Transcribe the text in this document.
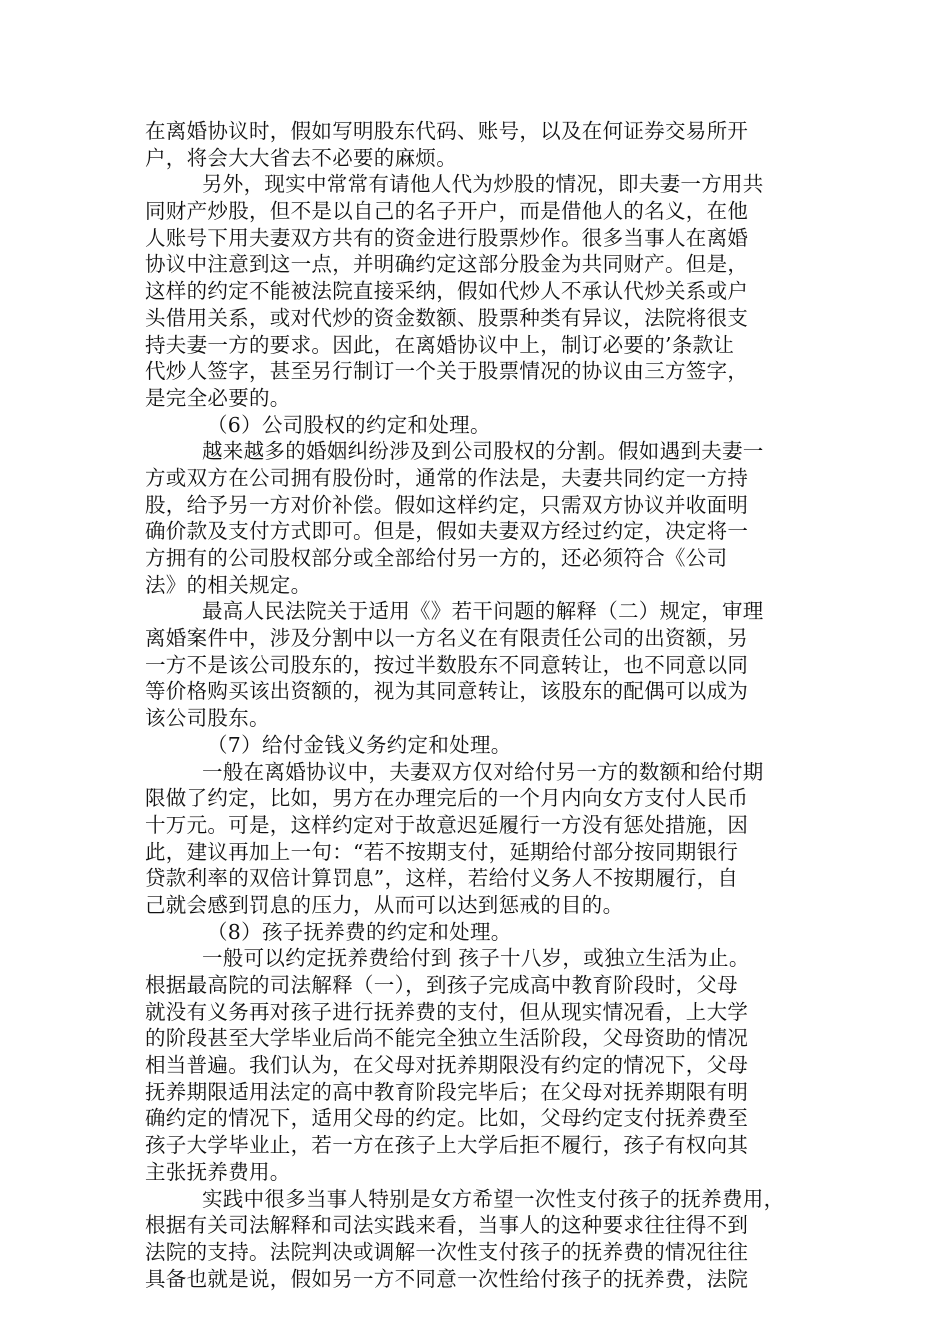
在离婚协议时，假如写明股东代码、账号，以及在何证券交易所开
户，将会大大省去不必要的麻烦。
另外，现实中常常有请他人代为炒股的情况，即夫妻一方用共
同财产炒股，但不是以自己的名子开户，而是借他人的名义，在他
人账号下用夫妻双方共有的资金进行股票炒作。很多当事人在离婚
协议中注意到这一点，并明确约定这部分股金为共同财产。但是，
这样的约定不能被法院直接采纳，假如代炒人不承认代炒关系或户
头借用关系，或对代炒的资金数额、股票种类有异议，法院将很支
持夫妻一方的要求。因此，在离婚协议中上，制订必要的’条款让
代炒人签字，甚至另行制订一个关于股票情况的协议由三方签字，
是完全必要的。
（6）公司股权的约定和处理。
越来越多的婚姻纠纷涉及到公司股权的分割。假如遇到夫妻一
方或双方在公司拥有股份时，通常的作法是，夫妻共同约定一方持
股，给予另一方对价补偿。假如这样约定，只需双方协议并收面明
确价款及支付方式即可。但是，假如夫妻双方经过约定，决定将一
方拥有的公司股权部分或全部给付另一方的，还必须符合《公司
法》的相关规定。
最高人民法院关于适用《》若干问题的解释（二）规定，审理
离婚案件中，涉及分割中以一方名义在有限责任公司的出资额，另
一方不是该公司股东的，按过半数股东不同意转让，也不同意以同
等价格购买该出资额的，视为其同意转让，该股东的配偶可以成为
该公司股东。
（7）给付金钱义务约定和处理。
一般在离婚协议中，夫妻双方仅对给付另一方的数额和给付期
限做了约定，比如，男方在办理完后的一个月内向女方支付人民币
十万元。可是，这样约定对于故意迟延履行一方没有惩处措施，因
此，建议再加上一句：“若不按期支付，延期给付部分按同期银行
贷款利率的双倍计算罚息”，这样，若给付义务人不按期履行，自
己就会感到罚息的压力，从而可以达到惩戒的目的。
（8）孩子抚养费的约定和处理。
一般可以约定抚养费给付到 孩子十八岁，或独立生活为止。
根据最高院的司法解释（一），到孩子完成高中教育阶段时，父母
就没有义务再对孩子进行抚养费的支付，但从现实情况看，上大学
的阶段甚至大学毕业后尚不能完全独立生活阶段，父母资助的情况
相当普遍。我们认为，在父母对抚养期限没有约定的情况下，父母
抚养期限适用法定的高中教育阶段完毕后；在父母对抚养期限有明
确约定的情况下，适用父母的约定。比如，父母约定支付抚养费至
孩子大学毕业止，若一方在孩子上大学后拒不履行，孩子有权向其
主张抚养费用。
实践中很多当事人特别是女方希望一次性支付孩子的抚养费用，
根据有关司法解释和司法实践来看，当事人的这种要求往往得不到
法院的支持。法院判决或调解一次性支付孩子的抚养费的情况往往
具备也就是说，假如另一方不同意一次性给付孩子的抚养费，法院
